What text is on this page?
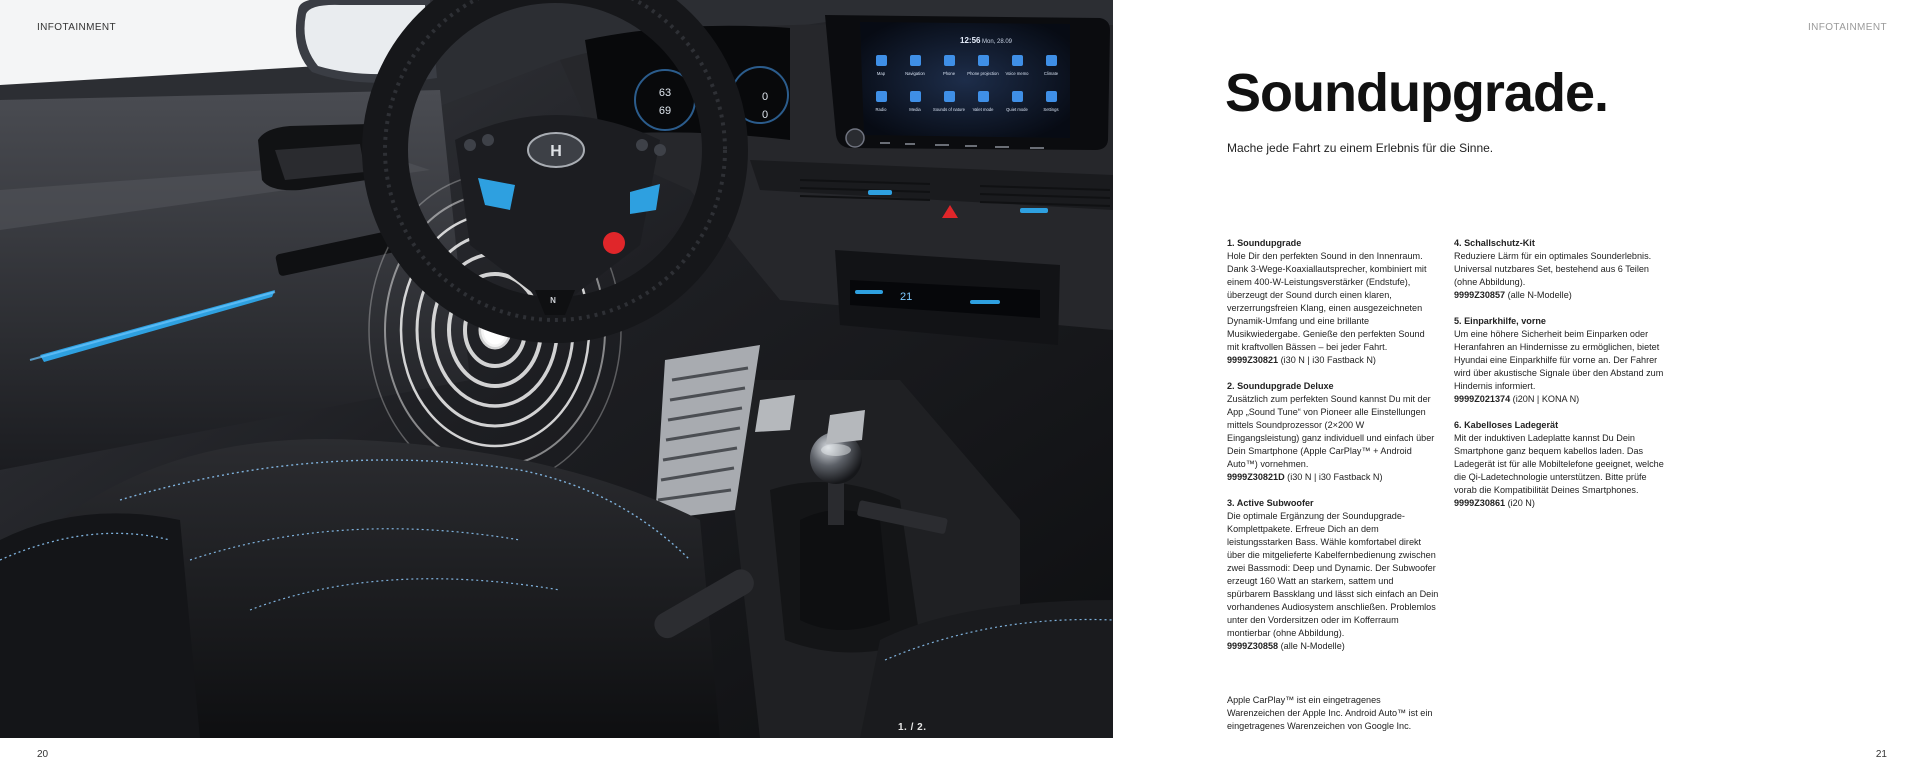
INFOTAINMENT	INFOTAINMENT
63
69
0
0
12:56 Mon, 28.09
Map	Navigation	Phone	Phone projection Voice memo	Climate
Radio	Media	Sounds of nature Valet mode	Quiet mode	Settings
21
H
N
1. / 2.
Soundupgrade.
Mache jede Fahrt zu einem Erlebnis für die Sinne.
1. Soundupgrade
Hole Dir den perfekten Sound in den Innenraum. Dank 3-Wege-Koaxiallautsprecher, kombiniert mit einem 400-W-Leistungsverstärker (Endstufe), überzeugt der Sound durch einen klaren, verzerrungsfreien Klang, einen ausgezeichneten Dynamik-Umfang und eine brillante Musikwiedergabe. Genieße den perfekten Sound mit kraftvollen Bässen – bei jeder Fahrt.
9999Z30821 (i30 N | i30 Fastback N)
2. Soundupgrade Deluxe
Zusätzlich zum perfekten Sound kannst Du mit der App „Sound Tune“ von Pioneer alle Einstellungen mittels Soundprozessor (2×200 W Eingangsleistung) ganz individuell und einfach über Dein Smartphone (Apple CarPlay™ + Android Auto™) vornehmen.
9999Z30821D (i30 N | i30 Fastback N)
3. Active Subwoofer
Die optimale Ergänzung der Soundupgrade-Komplettpakete. Erfreue Dich an dem leistungsstarken Bass. Wähle komfortabel direkt über die mitgelieferte Kabelfernbedienung zwischen zwei Bassmodi: Deep und Dynamic. Der Subwoofer erzeugt 160 Watt an starkem, sattem und spürbarem Bassklang und lässt sich einfach an Dein vorhandenes Audiosystem anschließen. Problemlos unter den Vordersitzen oder im Kofferraum montierbar (ohne Abbildung).
9999Z30858 (alle N-Modelle)
4. Schallschutz-Kit
Reduziere Lärm für ein optimales Sounderlebnis. Universal nutzbares Set, bestehend aus 6 Teilen (ohne Abbildung).
9999Z30857 (alle N-Modelle)
5. Einparkhilfe, vorne
Um eine höhere Sicherheit beim Einparken oder Heranfahren an Hindernisse zu ermöglichen, bietet Hyundai eine Einparkhilfe für vorne an. Der Fahrer wird über akustische Signale über den Abstand zum Hindernis informiert.
9999Z021374 (i20N | KONA N)
6. Kabelloses Ladegerät
Mit der induktiven Ladeplatte kannst Du Dein Smartphone ganz bequem kabellos laden. Das Ladegerät ist für alle Mobiltelefone geeignet, welche die Qi-Ladetechnologie unterstützen. Bitte prüfe vorab die Kompatibilität Deines Smartphones.
9999Z30861 (i20 N)
Apple CarPlay™ ist ein eingetragenes Warenzeichen der Apple Inc. Android Auto™ ist ein eingetragenes Warenzeichen von Google Inc.
20	21
